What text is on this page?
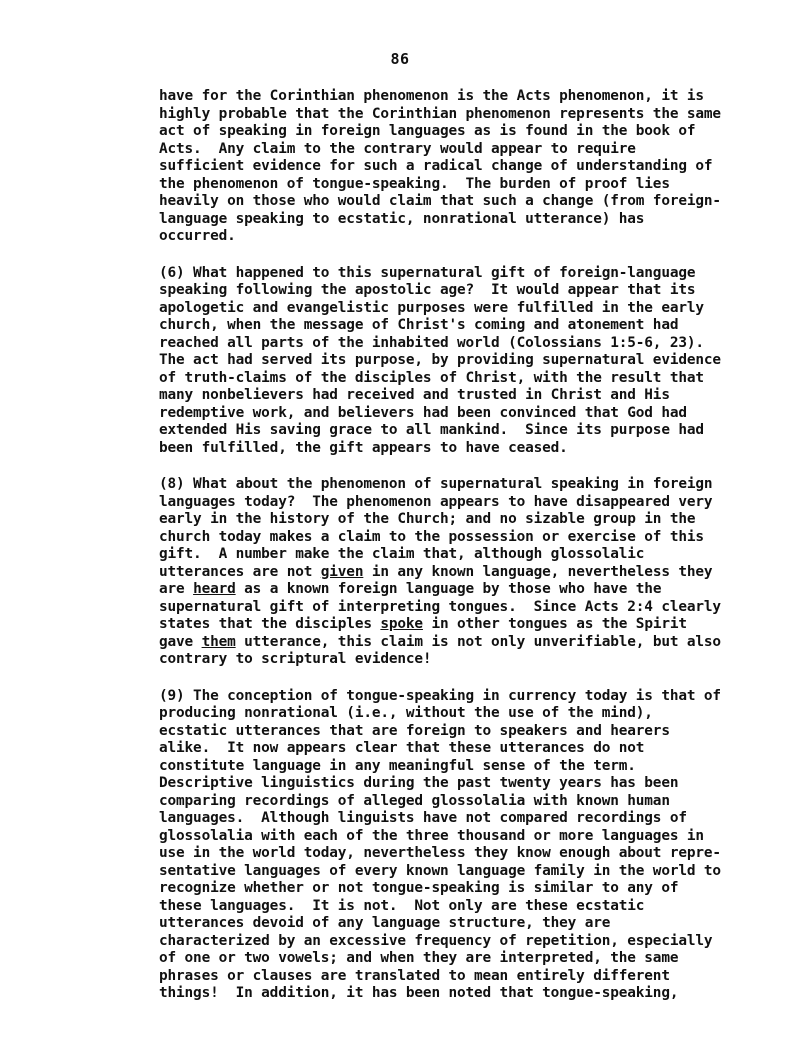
86
have for the Corinthian phenomenon is the Acts phenomenon, it is
highly probable that the Corinthian phenomenon represents the same
act of speaking in foreign languages as is found in the book of
Acts.  Any claim to the contrary would appear to require
sufficient evidence for such a radical change of understanding of
the phenomenon of tongue-speaking.  The burden of proof lies
heavily on those who would claim that such a change (from foreign-
language speaking to ecstatic, nonrational utterance) has
occurred.
(6) What happened to this supernatural gift of foreign-language
speaking following the apostolic age?  It would appear that its
apologetic and evangelistic purposes were fulfilled in the early
church, when the message of Christ's coming and atonement had
reached all parts of the inhabited world (Colossians 1:5-6, 23).
The act had served its purpose, by providing supernatural evidence
of truth-claims of the disciples of Christ, with the result that
many nonbelievers had received and trusted in Christ and His
redemptive work, and believers had been convinced that God had
extended His saving grace to all mankind.  Since its purpose had
been fulfilled, the gift appears to have ceased.
(8) What about the phenomenon of supernatural speaking in foreign
languages today?  The phenomenon appears to have disappeared very
early in the history of the Church; and no sizable group in the
church today makes a claim to the possession or exercise of this
gift.  A number make the claim that, although glossolalic
utterances are not given in any known language, nevertheless they
are heard as a known foreign language by those who have the
supernatural gift of interpreting tongues.  Since Acts 2:4 clearly
states that the disciples spoke in other tongues as the Spirit
gave them utterance, this claim is not only unverifiable, but also
contrary to scriptural evidence!
(9) The conception of tongue-speaking in currency today is that of
producing nonrational (i.e., without the use of the mind),
ecstatic utterances that are foreign to speakers and hearers
alike.  It now appears clear that these utterances do not
constitute language in any meaningful sense of the term.
Descriptive linguistics during the past twenty years has been
comparing recordings of alleged glossolalia with known human
languages.  Although linguists have not compared recordings of
glossolalia with each of the three thousand or more languages in
use in the world today, nevertheless they know enough about repre-
sentative languages of every known language family in the world to
recognize whether or not tongue-speaking is similar to any of
these languages.  It is not.  Not only are these ecstatic
utterances devoid of any language structure, they are
characterized by an excessive frequency of repetition, especially
of one or two vowels; and when they are interpreted, the same
phrases or clauses are translated to mean entirely different
things!  In addition, it has been noted that tongue-speaking,
